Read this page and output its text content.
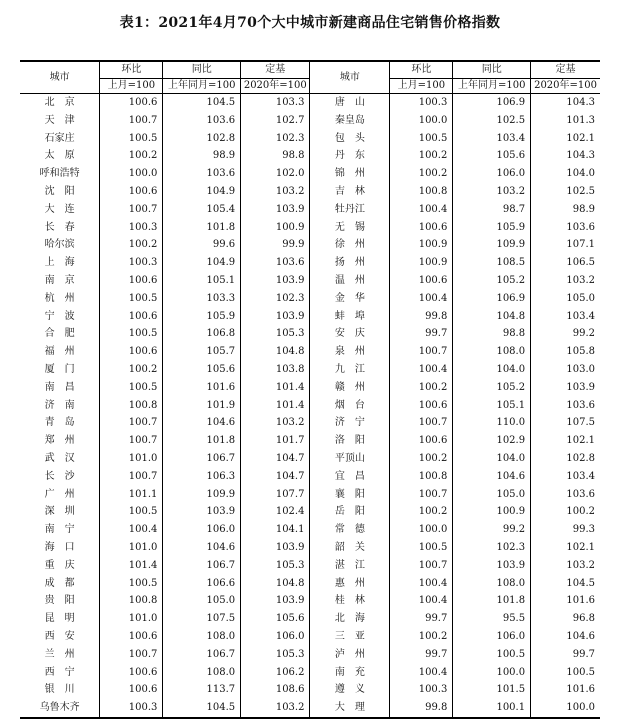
表1：2021年4月70个大中城市新建商品住宅销售价格指数
城市	环比	同比	定基	城市	环比	同比	定基
	上月=100	上年同月=100	2020年=100		上月=100	上年同月=100	2020年=100
北　京	100.6	104.5	103.3	唐　山	100.3	106.9	104.3
天　津	100.7	103.6	102.7	秦皇岛	100.0	102.5	101.3
石家庄	100.5	102.8	102.3	包　头	100.5	103.4	102.1
太　原	100.2	98.9	98.8	丹　东	100.2	105.6	104.3
呼和浩特	100.0	103.6	102.0	锦　州	100.2	106.0	104.0
沈　阳	100.6	104.9	103.2	吉　林	100.8	103.2	102.5
大　连	100.7	105.4	103.9	牡丹江	100.4	98.7	98.9
长　春	100.3	101.8	100.9	无　锡	100.6	105.9	103.6
哈尔滨	100.2	99.6	99.9	徐　州	100.9	109.9	107.1
上　海	100.3	104.9	103.6	扬　州	100.9	108.5	106.5
南　京	100.6	105.1	103.9	温　州	100.6	105.2	103.2
杭　州	100.5	103.3	102.3	金　华	100.4	106.9	105.0
宁　波	100.6	105.9	103.9	蚌　埠	99.8	104.8	103.4
合　肥	100.5	106.8	105.3	安　庆	99.7	98.8	99.2
福　州	100.6	105.7	104.8	泉　州	100.7	108.0	105.8
厦　门	100.2	105.6	103.8	九　江	100.4	104.0	103.0
南　昌	100.5	101.6	101.4	赣　州	100.2	105.2	103.9
济　南	100.8	101.9	101.4	烟　台	100.6	105.1	103.6
青　岛	100.7	104.6	103.2	济　宁	100.7	110.0	107.5
郑　州	100.7	101.8	101.7	洛　阳	100.6	102.9	102.1
武　汉	101.0	106.7	104.7	平顶山	100.2	104.0	102.8
长　沙	100.7	106.3	104.7	宜　昌	100.8	104.6	103.4
广　州	101.1	109.9	107.7	襄　阳	100.7	105.0	103.6
深　圳	100.5	103.9	102.4	岳　阳	100.2	100.9	100.2
南　宁	100.4	106.0	104.1	常　德	100.0	99.2	99.3
海　口	101.0	104.6	103.9	韶　关	100.5	102.3	102.1
重　庆	101.4	106.7	105.3	湛　江	100.7	103.9	103.2
成　都	100.5	106.6	104.8	惠　州	100.4	108.0	104.5
贵　阳	100.8	105.0	103.9	桂　林	100.4	101.8	101.6
昆　明	101.0	107.5	105.6	北　海	99.7	95.5	96.8
西　安	100.6	108.0	106.0	三　亚	100.2	106.0	104.6
兰　州	100.7	106.7	105.3	泸　州	99.7	100.5	99.7
西　宁	100.6	108.0	106.2	南　充	100.4	100.0	100.5
银　川	100.6	113.7	108.6	遵　义	100.3	101.5	101.6
乌鲁木齐	100.3	104.5	103.2	大　理	99.8	100.1	100.0
